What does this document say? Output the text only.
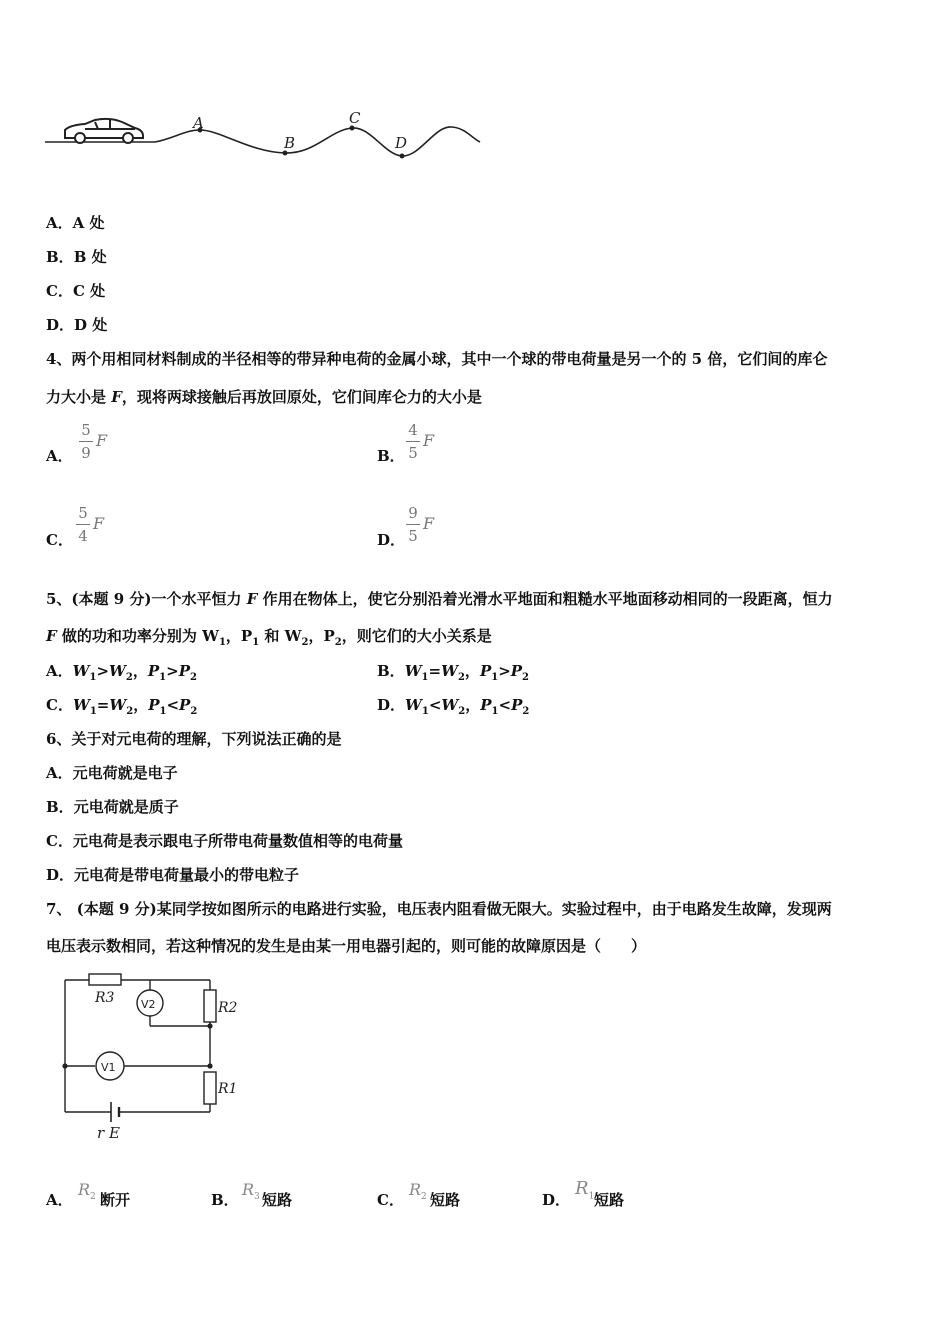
A
B
C
D
A．A 处
B．B 处
C．C 处
D．D 处
4、两个用相同材料制成的半径相等的带异种电荷的金属小球，其中一个球的带电荷量是另一个的 5 倍，它们间的库仑
力大小是 F，现将两球接触后再放回原处，它们间库仑力的大小是
A．
5
9
F
B．
4
5
F
C．
5
4
F
D．
9
5
F
5、(本题 9 分)一个水平恒力 F 作用在物体上，使它分别沿着光滑水平地面和粗糙水平地面移动相同的一段距离，恒力
F 做的功和功率分别为 $W_1$，$P_1$ 和 $W_2$，$P_2$，则它们的大小关系是
A．$W_1>W_2$，$P_1>P_2$	B．$W_1=W_2$，$P_1>P_2$
C．$W_1=W_2$，$P_1<P_2$	D．$W_1<W_2$，$P_1<P_2$
6、关于对元电荷的理解，下列说法正确的是
A．元电荷就是电子
B．元电荷就是质子
C．元电荷是表示跟电子所带电荷量数值相等的电荷量
D．元电荷是带电荷量最小的带电粒子
7、 (本题 9 分)某同学按如图所示的电路进行实验，电压表内阻看做无限大。实验过程中，由于电路发生故障，发现两
电压表示数相同，若这种情况的发生是由某一用电器引起的，则可能的故障原因是（　　）
R3
R2
R1
V2
V1
r E
A．
$R_2$ 断开	B．
$R_3$ 短路	C．
$R_2$ 短路	D．
$R_1$ 短路
